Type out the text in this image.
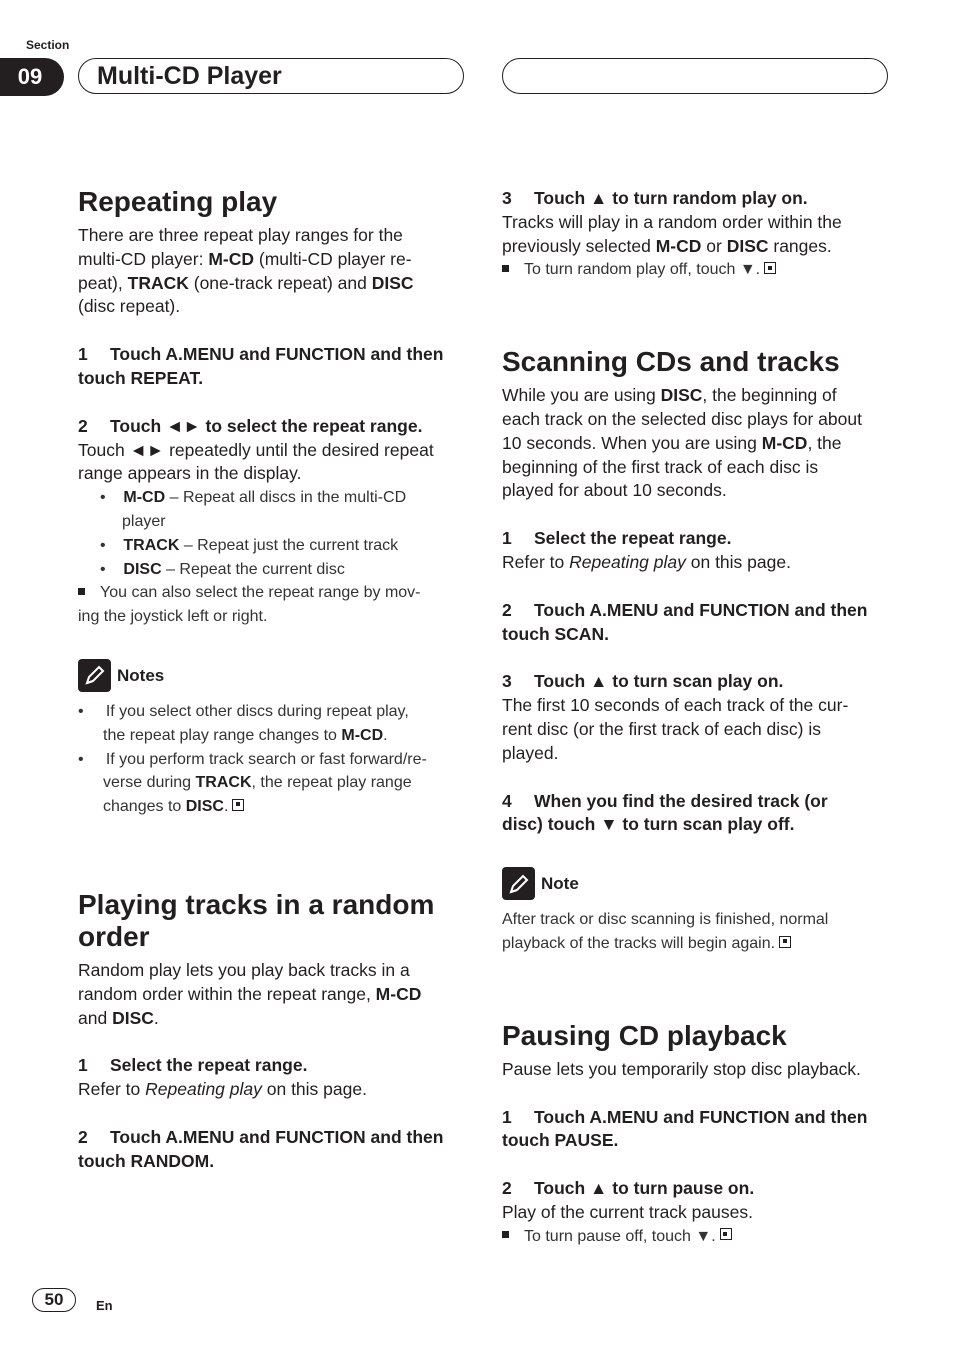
Section
09	Multi-CD Player
Repeating play

There are three repeat play ranges for the
multi-CD player: M-CD (multi-CD player re-
peat), TRACK (one-track repeat) and DISC
(disc repeat).

1 Touch A.MENU and FUNCTION and then
touch REPEAT.

2 Touch ◄► to select the repeat range.

Touch ◄► repeatedly until the desired repeat
range appears in the display.

•    M-CD – Repeat all discs in the multi-CD
player

•    TRACK – Repeat just the current track

•    DISC – Repeat the current disc

You can also select the repeat range by mov-
ing the joystick left or right.

Notes

•     If you select other discs during repeat play,
the repeat play range changes to M-CD.

•     If you perform track search or fast forward/re-
verse during TRACK, the repeat play range
changes to DISC.

Playing tracks in a random
order

Random play lets you play back tracks in a
random order within the repeat range, M-CD
and DISC.

1 Select the repeat range.

Refer to Repeating play on this page.

2 Touch A.MENU and FUNCTION and then
touch RANDOM.

3 Touch ▲ to turn random play on.

Tracks will play in a random order within the
previously selected M-CD or DISC ranges.

To turn random play off, touch ▼.

Scanning CDs and tracks

While you are using DISC, the beginning of
each track on the selected disc plays for about
10 seconds. When you are using M-CD, the
beginning of the first track of each disc is
played for about 10 seconds.

1 Select the repeat range.

Refer to Repeating play on this page.

2 Touch A.MENU and FUNCTION and then
touch SCAN.

3 Touch ▲ to turn scan play on.

The first 10 seconds of each track of the cur-
rent disc (or the first track of each disc) is
played.

4 When you find the desired track (or
disc) touch ▼ to turn scan play off.

Note

After track or disc scanning is finished, normal
playback of the tracks will begin again.

Pausing CD playback

Pause lets you temporarily stop disc playback.

1 Touch A.MENU and FUNCTION and then
touch PAUSE.

2 Touch ▲ to turn pause on.

Play of the current track pauses.

To turn pause off, touch ▼.

50	En
